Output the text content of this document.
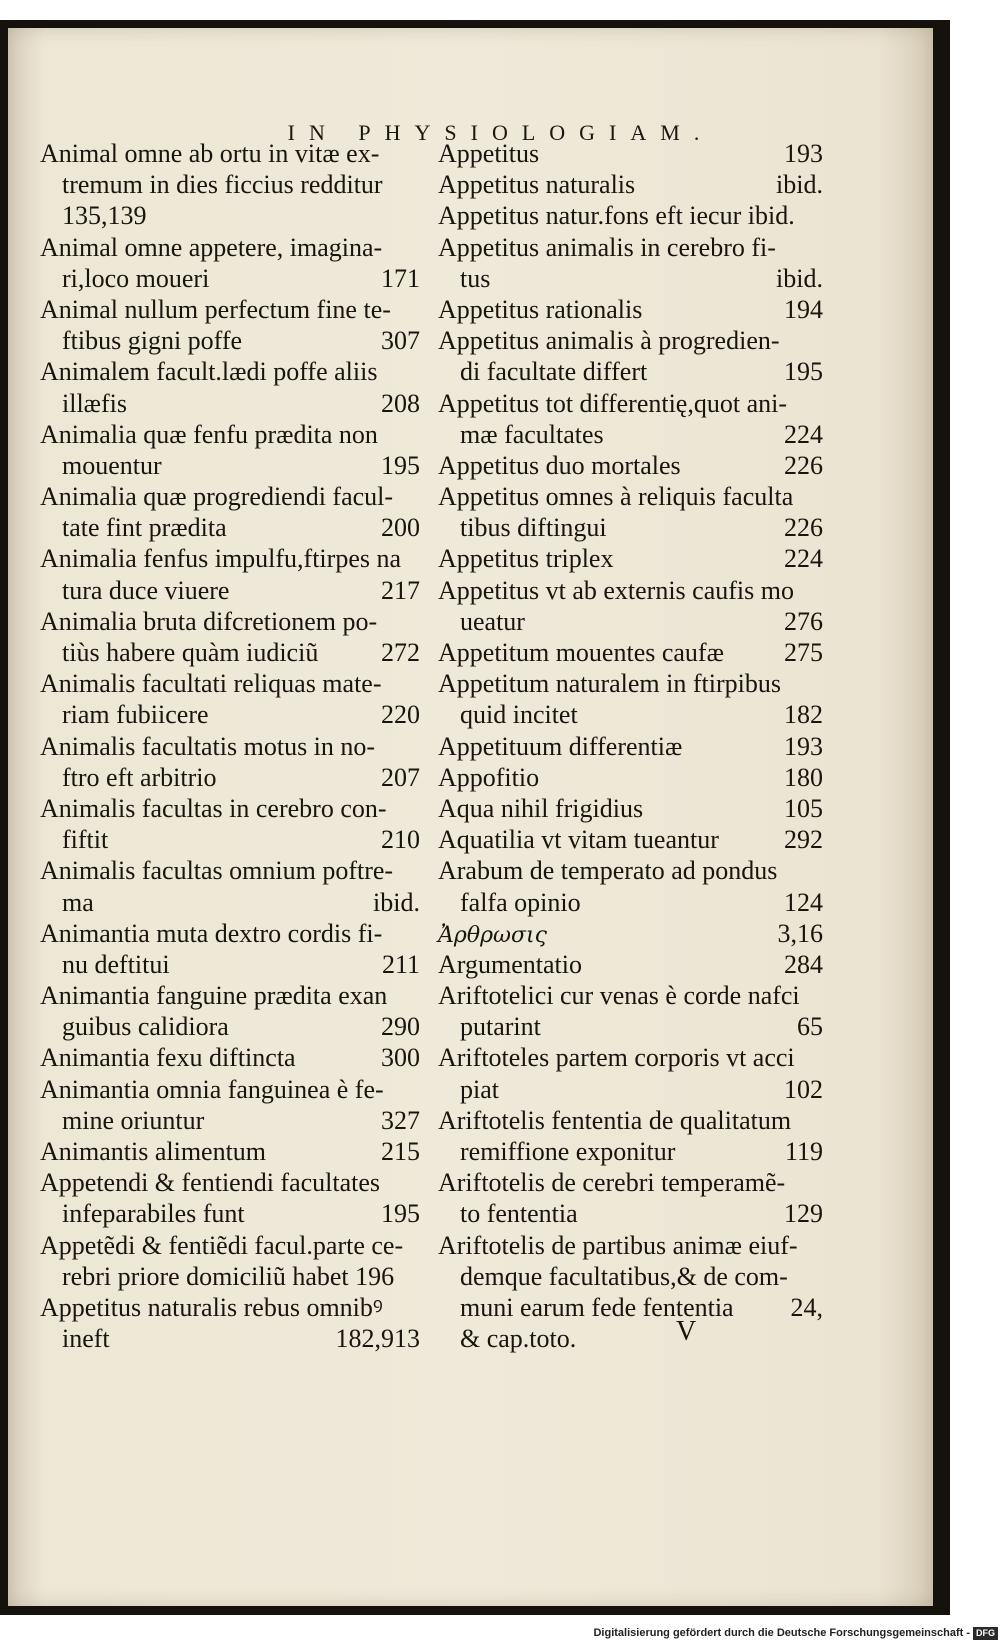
IN PHYSIOLOGIAM.
Animal omne ab ortu in vitæ ex-
tremum in dies ficcius redditur
135,139
Animal omne appetere, imagina-
ri,loco moueri	171
Animal nullum perfectum fine te-
ftibus gigni poffe	307
Animalem facult.lædi poffe aliis
illæfis	208
Animalia quæ fenfu prædita non
mouentur	195
Animalia quæ progrediendi facul-
tate fint prædita	200
Animalia fenfus impulfu,ftirpes na
tura duce viuere	217
Animalia bruta difcretionem po-
tiùs habere quàm iudiciũ	272
Animalis facultati reliquas mate-
riam fubiicere	220
Animalis facultatis motus in no-
ftro eft arbitrio	207
Animalis facultas in cerebro con-
fiftit	210
Animalis facultas omnium poftre-
ma	ibid.
Animantia muta dextro cordis fi-
nu deftitui	211
Animantia fanguine prædita exan
guibus calidiora	290
Animantia fexu diftincta	300
Animantia omnia fanguinea è fe-
mine oriuntur	327
Animantis alimentum	215
Appetendi & fentiendi facultates
infeparabiles funt	195
Appetẽdi & fentiẽdi facul.parte ce-
rebri priore domiciliũ habet 196
Appetitus naturalis rebus omnibꝰ
ineft	182,913
Appetitus	193
Appetitus naturalis	ibid.
Appetitus natur.fons eft iecur ibid.
Appetitus animalis in cerebro fi-
tus	ibid.
Appetitus rationalis	194
Appetitus animalis à progredien-
di facultate differt	195
Appetitus tot differentię,quot ani-
mæ facultates	224
Appetitus duo mortales	226
Appetitus omnes à reliquis faculta
tibus diftingui	226
Appetitus triplex	224
Appetitus vt ab externis caufis mo
ueatur	276
Appetitum mouentes caufæ	275
Appetitum naturalem in ftirpibus
quid incitet	182
Appetituum differentiæ	193
Appofitio	180
Aqua nihil frigidius	105
Aquatilia vt vitam tueantur	292
Arabum de temperato ad pondus
falfa opinio	124
Ἀρθρωσις	3,16
Argumentatio	284
Ariftotelici cur venas è corde nafci
putarint	65
Ariftoteles partem corporis vt acci
piat	102
Ariftotelis fententia de qualitatum
remiffione exponitur	119
Ariftotelis de cerebri temperamẽ-
to fententia	129
Ariftotelis de partibus animæ eiuf-
demque facultatibus,& de com-
muni earum fede fententia	24,
& cap.toto.	V
Digitalisierung gefördert durch die Deutsche Forschungsgemeinschaft - DFG
